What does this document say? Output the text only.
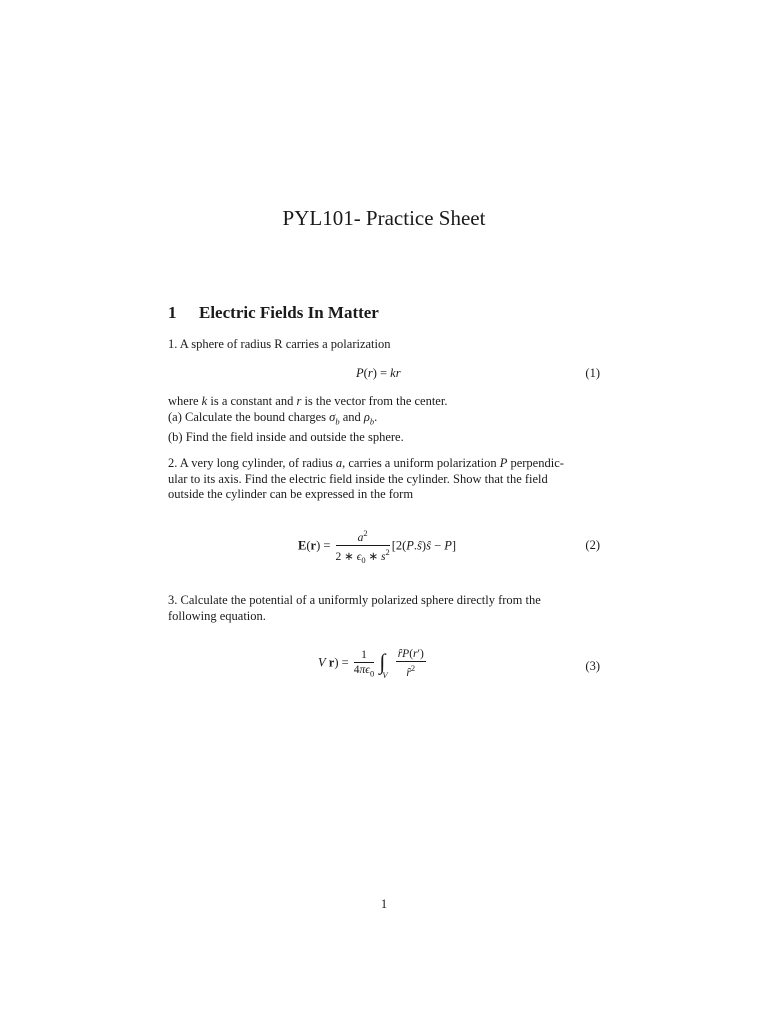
PYL101- Practice Sheet
1 Electric Fields In Matter
1. A sphere of radius R carries a polarization
P(r) = kr	(1)
where k is a constant and r is the vector from the center.
(a) Calculate the bound charges $\sigma_b$ and $\rho_b$.
(b) Find the field inside and outside the sphere.
2. A very long cylinder, of radius a, carries a uniform polarization P perpendic-
ular to its axis. Find the electric field inside the cylinder. Show that the field
outside the cylinder can be expressed in the form
$E(r) = \frac{a^2}{2 ∗ \epsilon_0 ∗ s^2}$ [2(P.ŝ)ŝ − P]	(2)
3. Calculate the potential of a uniformly polarized sphere directly from the
following equation.
V $r) = \frac{1}{4\pi\epsilon_0} \int_V \frac{ȓP(r')}{ȓ^2}$	(3)
1
